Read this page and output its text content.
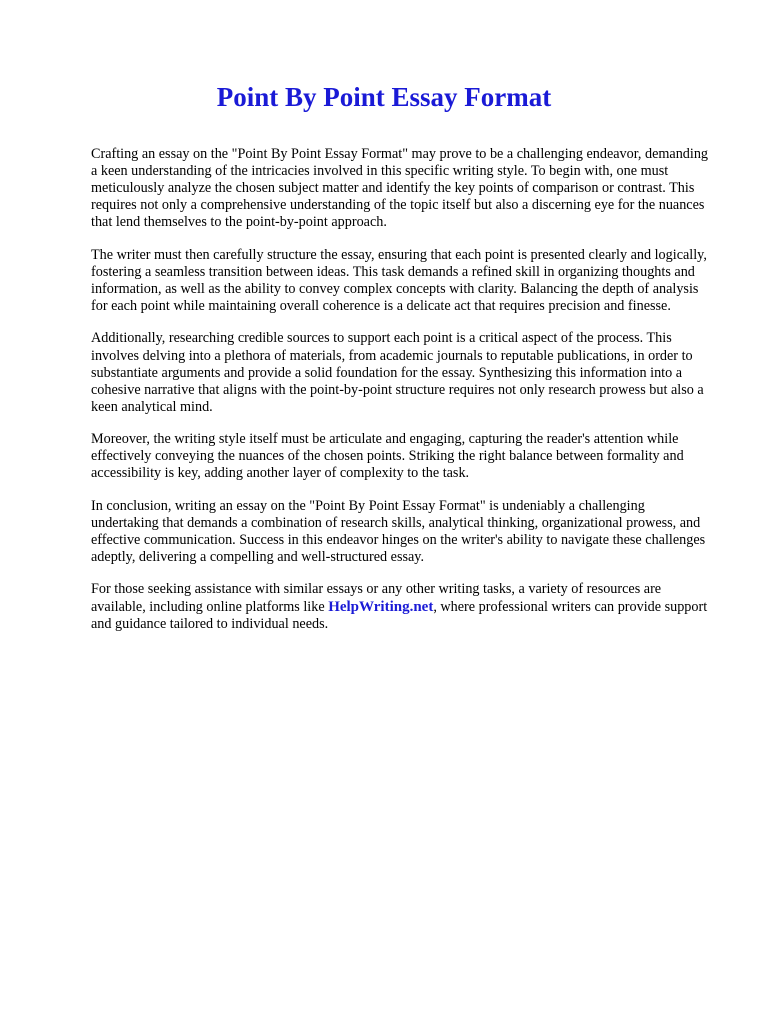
Point By Point Essay Format

Crafting an essay on the "Point By Point Essay Format" may prove to be a challenging endeavor, demanding a keen understanding of the intricacies involved in this specific writing style. To begin with, one must meticulously analyze the chosen subject matter and identify the key points of comparison or contrast. This requires not only a comprehensive understanding of the topic itself but also a discerning eye for the nuances that lend themselves to the point-by-point approach.

The writer must then carefully structure the essay, ensuring that each point is presented clearly and logically, fostering a seamless transition between ideas. This task demands a refined skill in organizing thoughts and information, as well as the ability to convey complex concepts with clarity. Balancing the depth of analysis for each point while maintaining overall coherence is a delicate act that requires precision and finesse.

Additionally, researching credible sources to support each point is a critical aspect of the process. This involves delving into a plethora of materials, from academic journals to reputable publications, in order to substantiate arguments and provide a solid foundation for the essay. Synthesizing this information into a cohesive narrative that aligns with the point-by-point structure requires not only research prowess but also a keen analytical mind.

Moreover, the writing style itself must be articulate and engaging, capturing the reader's attention while effectively conveying the nuances of the chosen points. Striking the right balance between formality and accessibility is key, adding another layer of complexity to the task.

In conclusion, writing an essay on the "Point By Point Essay Format" is undeniably a challenging undertaking that demands a combination of research skills, analytical thinking, organizational prowess, and effective communication. Success in this endeavor hinges on the writer's ability to navigate these challenges adeptly, delivering a compelling and well-structured essay.

For those seeking assistance with similar essays or any other writing tasks, a variety of resources are available, including online platforms like HelpWriting.net, where professional writers can provide support and guidance tailored to individual needs.
